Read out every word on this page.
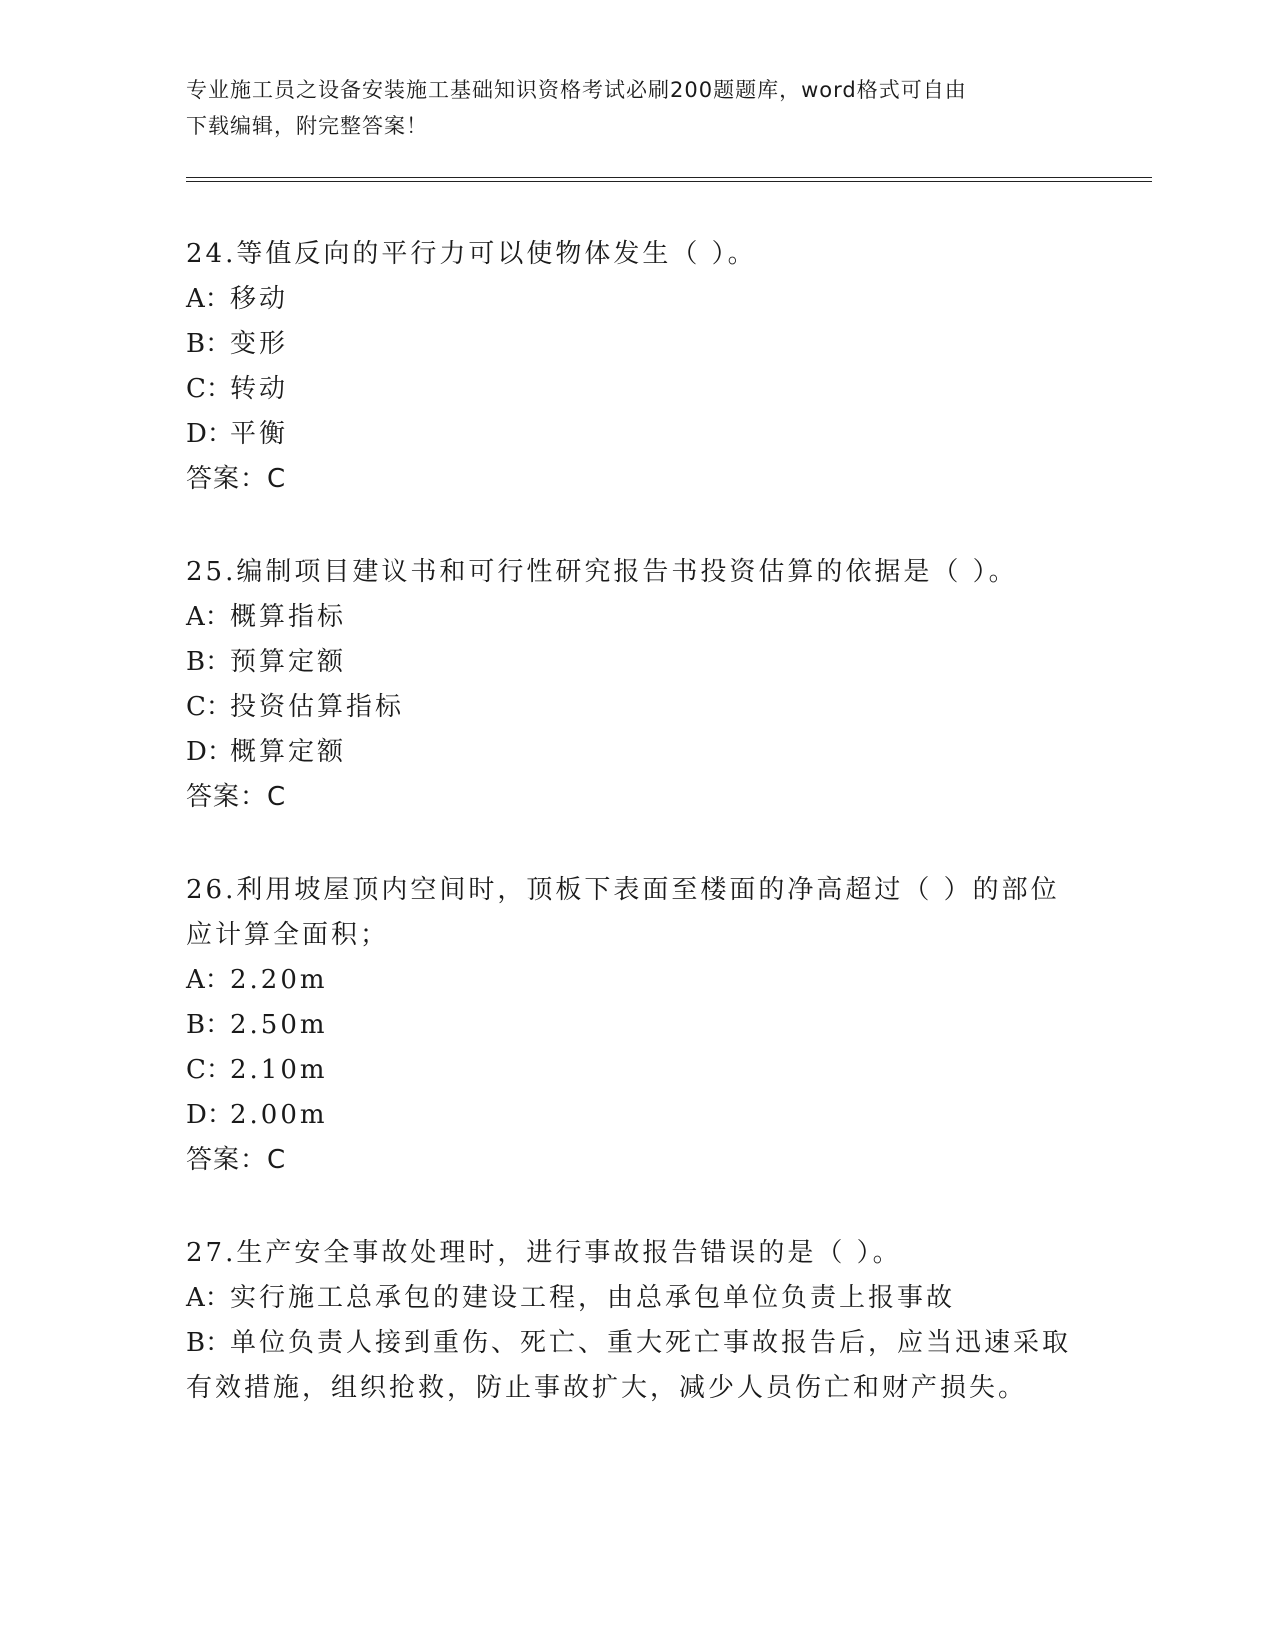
专业施工员之设备安装施工基础知识资格考试必刷200题题库，word格式可自由
下载编辑，附完整答案！
24.等值反向的平行力可以使物体发生（ ）。
A：移动
B：变形
C：转动
D：平衡
答案：C
25.编制项目建议书和可行性研究报告书投资估算的依据是（ ）。
A：概算指标
B：预算定额
C：投资估算指标
D：概算定额
答案：C
26.利用坡屋顶内空间时，顶板下表面至楼面的净高超过（ ）的部位应计算全面积；
A：2.20m
B：2.50m
C：2.10m
D：2.00m
答案：C
27.生产安全事故处理时，进行事故报告错误的是（ ）。
A：实行施工总承包的建设工程，由总承包单位负责上报事故
B：单位负责人接到重伤、死亡、重大死亡事故报告后，应当迅速采取有效措施，组织抢救，防止事故扩大，减少人员伤亡和财产损失。
